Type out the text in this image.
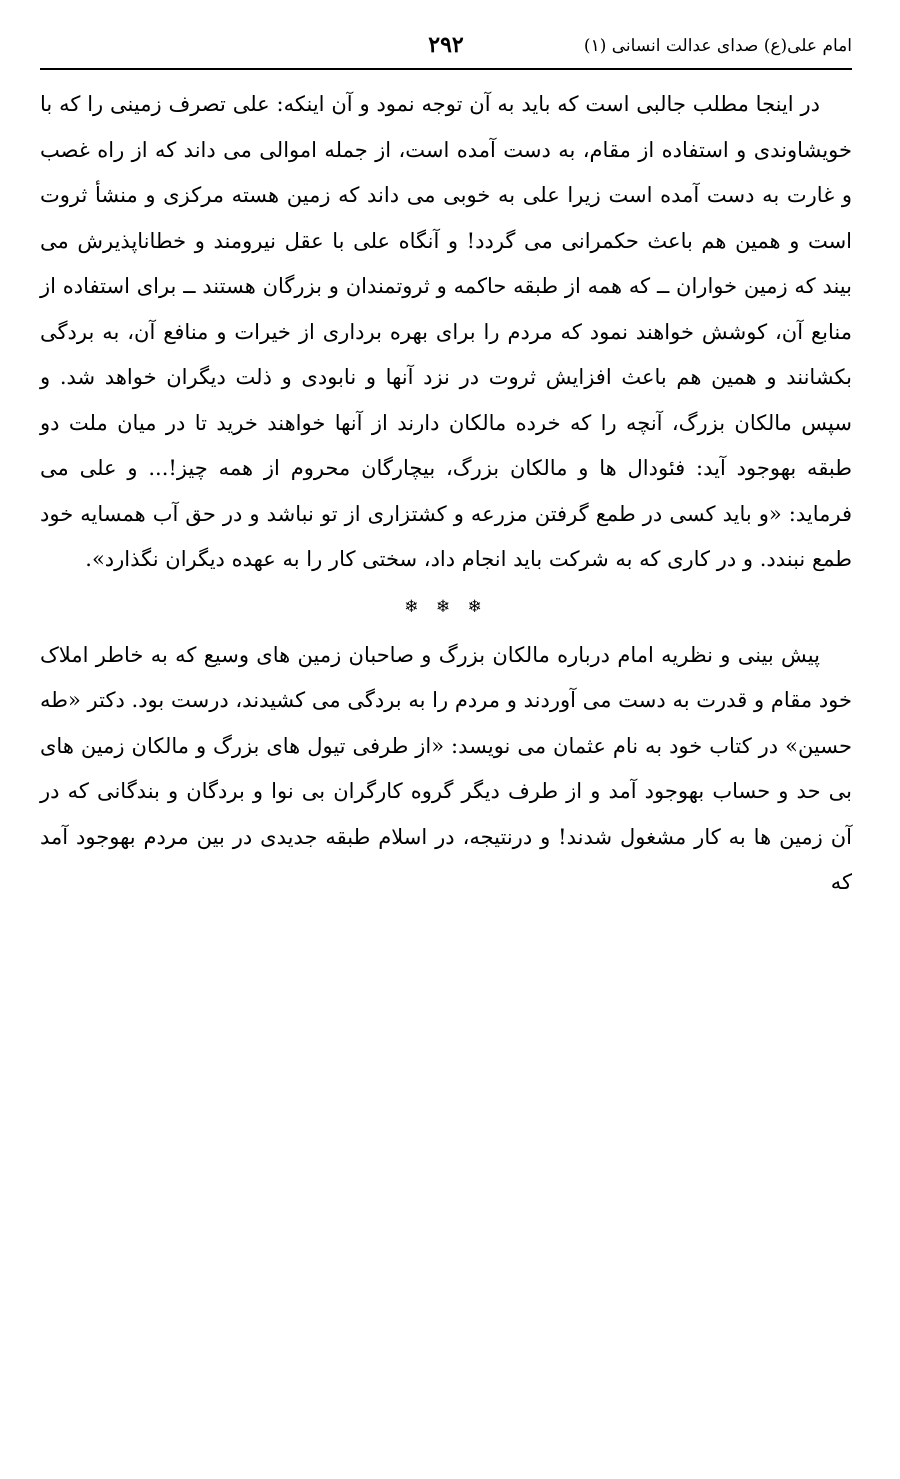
امام علی(ع) صدای عدالت انسانی (۱)
۲۹۲

در اینجا مطلب جالبی است که باید به آن توجه نمود و آن اینکه: علی تصرف زمینی را که با خویشاوندی و استفاده از مقام، به دست آمده است، از جمله اموالی می داند که از راه غصب و غارت به دست آمده است زیرا علی به خوبی می داند که زمین هسته مرکزی و منشأ ثروت است و همین هم باعث حکمرانی می گردد! و آنگاه علی با عقل نیرومند و خطاناپذیرش می بیند که زمین خواران ــ که همه از طبقه حاکمه و ثروتمندان و بزرگان هستند ــ برای استفاده از منابع آن، کوشش خواهند نمود که مردم را برای بهره برداری از خیرات و منافع آن، به بردگی بکشانند و همین هم باعث افزایش ثروت در نزد آنها و نابودی و ذلت دیگران خواهد شد. و سپس مالکان بزرگ، آنچه را که خرده مالکان دارند از آنها خواهند خرید تا در میان ملت دو طبقه بهوجود آید: فئودال ها و مالکان بزرگ، بیچارگان محروم از همه چیز!... و علی می فرماید: «و باید کسی در طمع گرفتن مزرعه و کشتزاری از تو نباشد و در حق آب همسایه خود طمع نبندد. و در کاری که به شرکت باید انجام داد، سختی کار را به عهده دیگران نگذارد».

❄ ❄ ❄

پیش بینی و نظریه امام درباره مالکان بزرگ و صاحبان زمین های وسیع که به خاطر املاک خود مقام و قدرت به دست می آوردند و مردم را به بردگی می کشیدند، درست بود. دکتر «طه حسین» در کتاب خود به نام عثمان می نویسد: «از طرفی تیول های بزرگ و مالکان زمین های بی حد و حساب بهوجود آمد و از طرف دیگر گروه کارگران بی نوا و بردگان و بندگانی که در آن زمین ها به کار مشغول شدند! و درنتیجه، در اسلام طبقه جدیدی در بین مردم بهوجود آمد که
